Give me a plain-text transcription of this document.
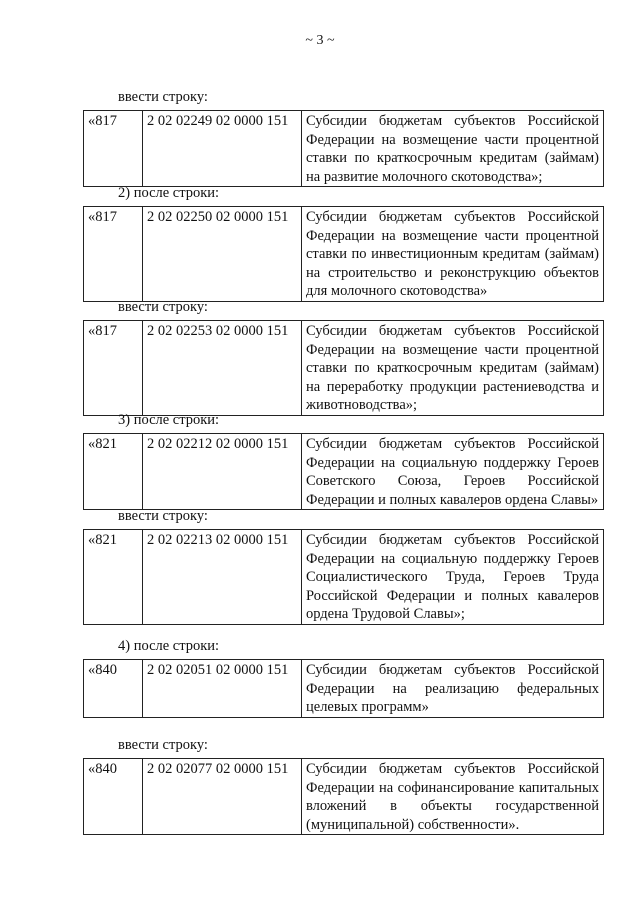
~ 3 ~
ввести строку:
«817	2 02 02249 02 0000 151	Субсидии бюджетам субъектов Российской Федерации на возмещение части процентной ставки по краткосрочным кредитам (займам) на развитие молочного скотоводства»;
2) после строки:
«817	2 02 02250 02 0000 151	Субсидии бюджетам субъектов Российской Федерации на возмещение части процентной ставки по инвестиционным кредитам (займам) на строительство и реконструкцию объектов для молочного скотоводства»
ввести строку:
«817	2 02 02253 02 0000 151	Субсидии бюджетам субъектов Российской Федерации на возмещение части процентной ставки по краткосрочным кредитам (займам) на переработку продукции растениеводства и животноводства»;
3) после строки:
«821	2 02 02212 02 0000 151	Субсидии бюджетам субъектов Российской Федерации на социальную поддержку Героев Советского Союза, Героев Российской Федерации и полных кавалеров ордена Славы»
ввести строку:
«821	2 02 02213 02 0000 151	Субсидии бюджетам субъектов Российской Федерации на социальную поддержку Героев Социалистического Труда, Героев Труда Российской Федерации и полных кавалеров ордена Трудовой Славы»;
4) после строки:
«840	2 02 02051 02 0000 151	Субсидии бюджетам субъектов Российской Федерации на реализацию федеральных целевых программ»
ввести строку:
«840	2 02 02077 02 0000 151	Субсидии бюджетам субъектов Российской Федерации на софинансирование капитальных вложений в объекты государственной (муниципальной) собственности».
